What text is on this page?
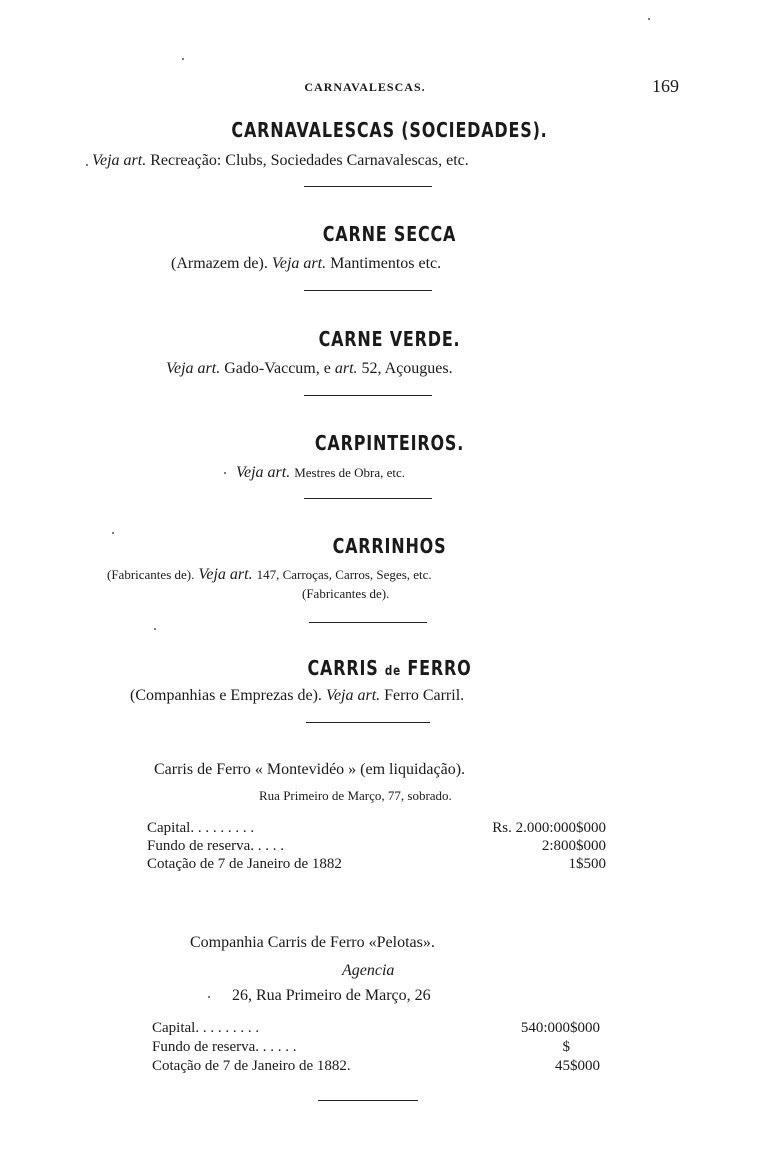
CARNAVALESCAS.	169
CARNAVALESCAS (SOCIEDADES).
Veja art. Recreação: Clubs, Sociedades Carnavalescas, etc.
CARNE SECCA
(Armazem de). Veja art. Mantimentos etc.
CARNE VERDE.
Veja art. Gado-Vaccum, e art. 52, Açougues.
CARPINTEIROS.
Veja art. Mestres de Obra, etc.
CARRINHOS
(Fabricantes de). Veja art. 147, Carroças, Carros, Seges, etc.
(Fabricantes de).
CARRIS de FERRO
(Companhias e Emprezas de). Veja art. Ferro Carril.
Carris de Ferro « Montevidéo » (em liquidação).
Rua Primeiro de Março, 77, sobrado.
Capital. . . . . . . . .	Rs. 2.000:000$000
Fundo de reserva. . . . .	2:800$000
Cotação de 7 de Janeiro de 1882	1$500
Companhia Carris de Ferro «Pelotas».
Agencia
26, Rua Primeiro de Março, 26
Capital. . . . . . . . .	540:000$000
Fundo de reserva. . . . . .	$
Cotação de 7 de Janeiro de 1882.	45$000
